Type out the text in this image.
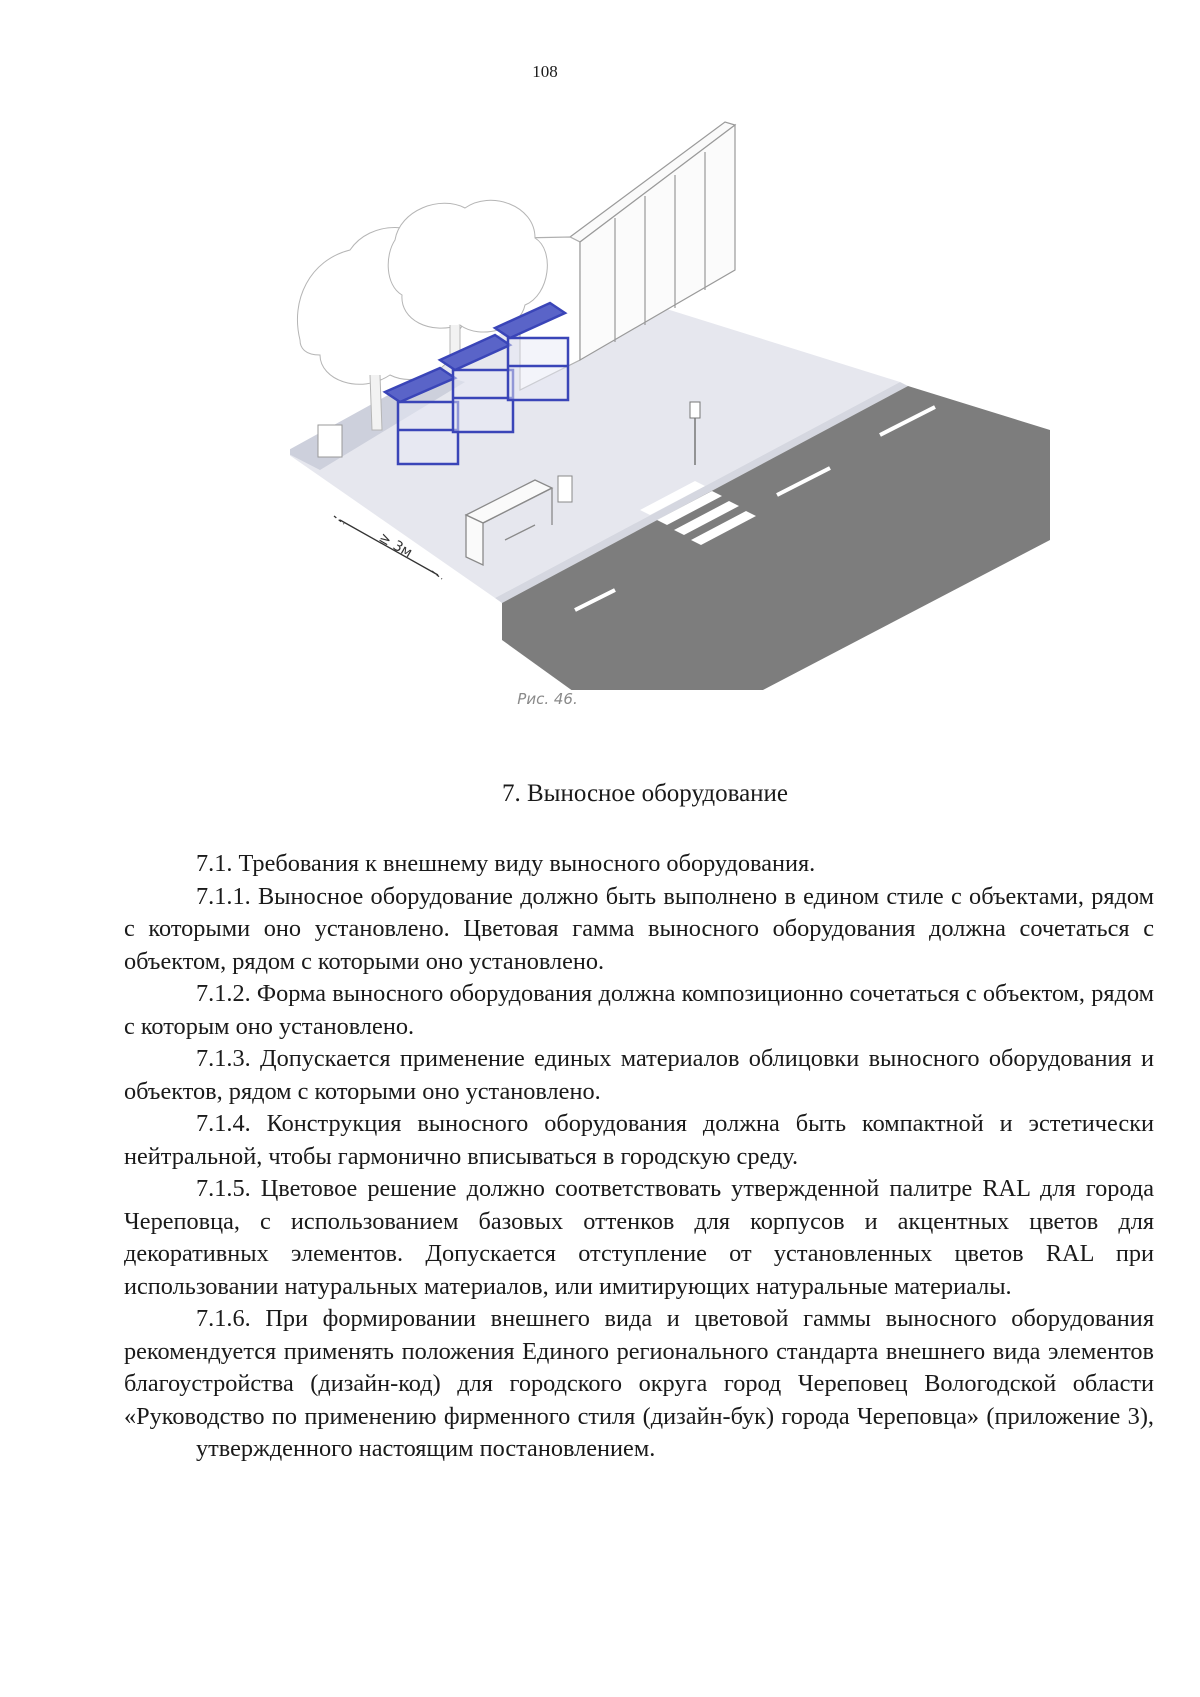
108
≥ 3м
Рис. 46.
7. Выносное оборудование

7.1. Требования к внешнему виду выносного оборудования.

7.1.1. Выносное оборудование должно быть выполнено в едином стиле с объектами, рядом с которыми оно установлено. Цветовая гамма выносного оборудования должна сочетаться с объектом, рядом с которыми оно установлено.

7.1.2. Форма выносного оборудования должна композиционно сочетаться с объектом, рядом с которым оно установлено.

7.1.3. Допускается применение единых материалов облицовки выносного оборудования и объектов, рядом с которыми оно установлено.

7.1.4. Конструкция выносного оборудования должна быть компактной и эстетически нейтральной, чтобы гармонично вписываться в городскую среду.

7.1.5. Цветовое решение должно соответствовать утвержденной палитре RAL для города Череповца, с использованием базовых оттенков для корпусов и акцентных цветов для декоративных элементов. Допускается отступление от установленных цветов RAL при использовании натуральных материалов, или имитирующих натуральные материалы.

7.1.6. При формировании внешнего вида и цветовой гаммы выносного оборудования рекомендуется применять положения Единого регионального стандарта внешнего вида элементов благоустройства (дизайн-код) для городского округа город Череповец Вологодской области «Руководство по применению фирменного стиля (дизайн-бук) города Череповца» (приложение 3),

утвержденного настоящим постановлением.
